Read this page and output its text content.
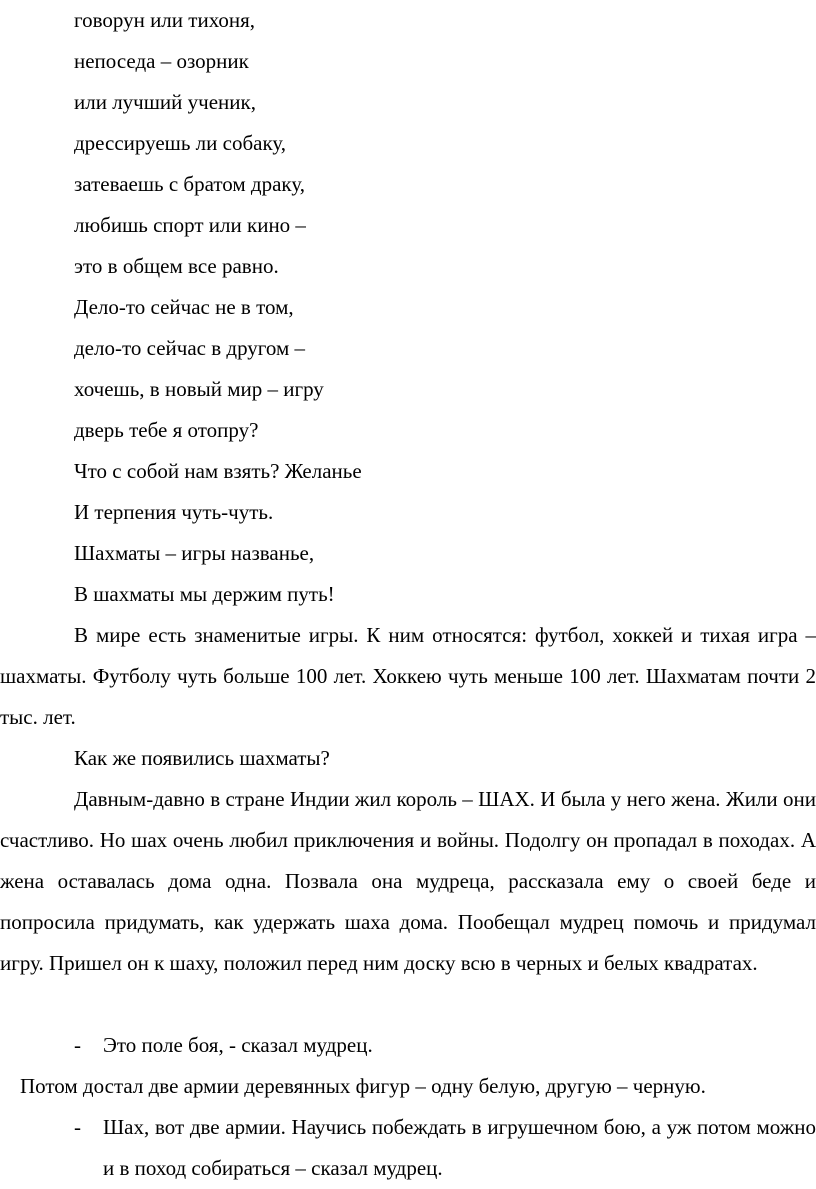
говорун или тихоня,
непоседа – озорник
или лучший ученик,
дрессируешь ли собаку,
затеваешь с братом драку,
любишь спорт или кино –
это в общем все равно.
Дело-то сейчас не в том,
дело-то сейчас в другом –
хочешь, в новый мир – игру
дверь тебе я отопру?
Что с собой нам взять? Желанье
И терпения чуть-чуть.
Шахматы – игры названье,
В шахматы мы держим путь!

В мире есть знаменитые игры. К ним относятся: футбол, хоккей и тихая игра – шахматы. Футболу чуть больше 100 лет. Хоккею чуть меньше 100 лет. Шахматам почти 2 тыс. лет.

Как же появились шахматы?

Давным-давно в стране Индии жил король – ШАХ. И была у него жена. Жили они счастливо. Но шах очень любил приключения и войны. Подолгу он пропадал в походах. А жена оставалась дома одна. Позвала она мудреца, рассказала ему о своей беде и попросила придумать, как удержать шаха дома. Пообещал мудрец помочь и придумал игру. Пришел он к шаху, положил перед ним доску всю в черных и белых квадратах.

- Это поле боя, - сказал мудрец.
Потом достал две армии деревянных фигур – одну белую, другую – черную.
- Шах, вот две армии. Научись побеждать в игрушечном бою, а уж потом можно и в поход собираться – сказал мудрец.
